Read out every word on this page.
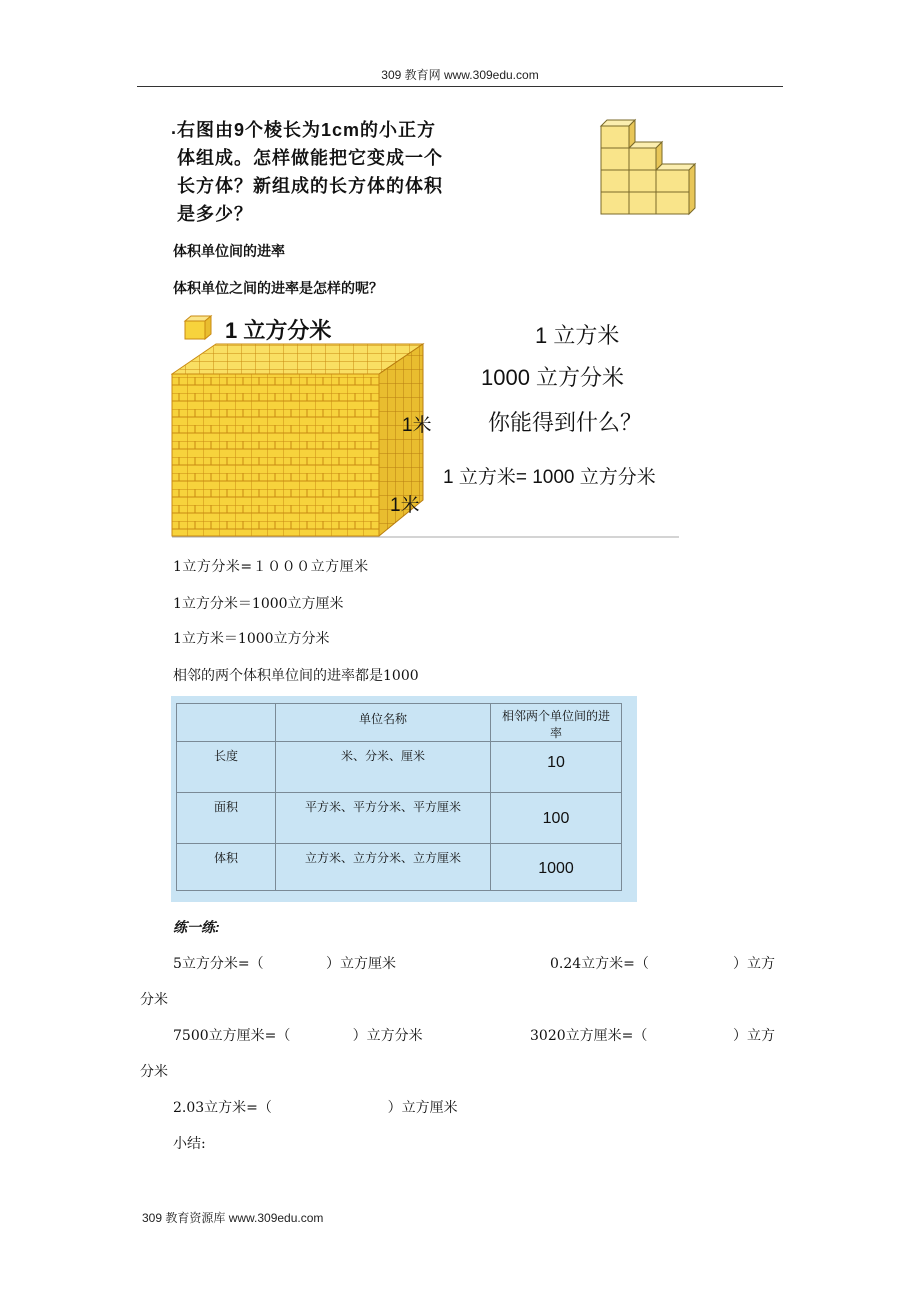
309 教育网 www.309edu.com
. 右图由9个棱长为1cm的小正方
体组成。怎样做能把它变成一个
长方体？新组成的长方体的体积
是多少？
体积单位间的进率
体积单位之间的进率是怎样的呢？
1 立方分米
1米
1米
1 立方米
1000 立方分米
你能得到什么？
1 立方米= 1000 立方分米
1立方分米=１０００立方厘米
1立方分米＝1000立方厘米
1立方米＝1000立方分米
相邻的两个体积单位间的进率都是1000
	单位名称	相邻两个单位间的进率
长度	米、分米、厘米	10
面积	平方米、平方分米、平方厘米	100
体积	立方米、立方分米、立方厘米	1000
练一练:
5立方分米=（              ）立方厘米	0.24立方米=（	）立方
分米
7500立方厘米=（              ）立方分米	3020立方厘米=（	）立方
分米
2.03立方米=（                          ）立方厘米
小结:
309 教育资源库 www.309edu.com
